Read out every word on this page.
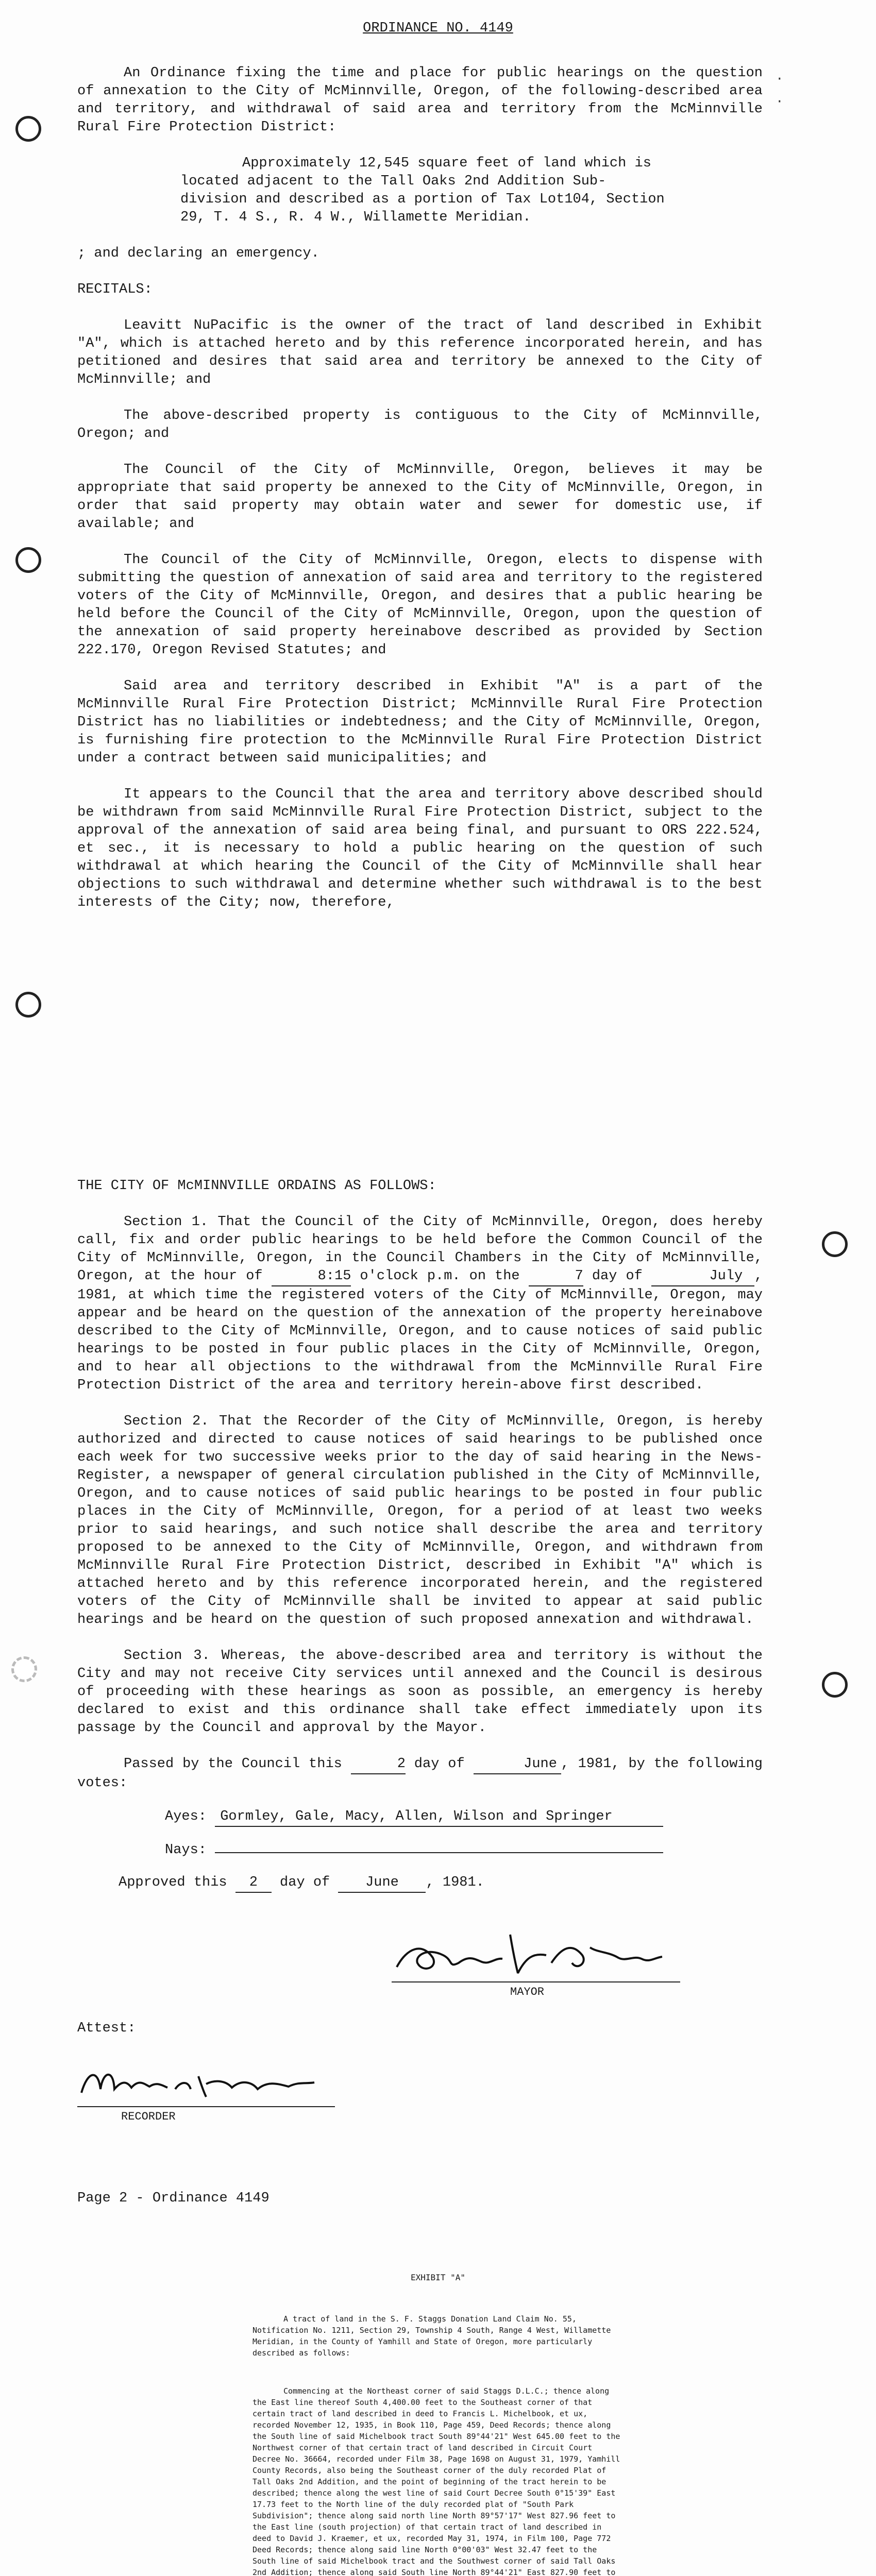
ORDINANCE NO. 4149
·
·

An Ordinance fixing the time and place for public hearings on the question of annexation to the City of McMinnville, Oregon, of the following-described area and territory, and withdrawal of said area and territory from the McMinnville Rural Fire Protection District:

Approximately 12,545 square feet of land which is located adjacent to the Tall Oaks 2nd Addition Sub-division and described as a portion of Tax Lot104, Section 29, T. 4 S., R. 4 W., Willamette Meridian.

; and declaring an emergency.

RECITALS:

Leavitt NuPacific is the owner of the tract of land described in Exhibit "A", which is attached hereto and by this reference incorporated herein, and has petitioned and desires that said area and territory be annexed to the City of McMinnville; and

The above-described property is contiguous to the City of McMinnville, Oregon; and

The Council of the City of McMinnville, Oregon, believes it may be appropriate that said property be annexed to the City of McMinnville, Oregon, in order that said property may obtain water and sewer for domestic use, if available; and

The Council of the City of McMinnville, Oregon, elects to dispense with submitting the question of annexation of said area and territory to the registered voters of the City of McMinnville, Oregon, and desires that a public hearing be held before the Council of the City of McMinnville, Oregon, upon the question of the annexation of said property hereinabove described as provided by Section 222.170, Oregon Revised Statutes; and

Said area and territory described in Exhibit "A" is a part of the McMinnville Rural Fire Protection District; McMinnville Rural Fire Protection District has no liabilities or indebtedness; and the City of McMinnville, Oregon, is furnishing fire protection to the McMinnville Rural Fire Protection District under a contract between said municipalities; and

It appears to the Council that the area and territory above described should be withdrawn from said McMinnville Rural Fire Protection District, subject to the approval of the annexation of said area being final, and pursuant to ORS 222.524, et sec., it is necessary to hold a public hearing on the question of such withdrawal at which hearing the Council of the City of McMinnville shall hear objections to such withdrawal and determine whether such withdrawal is to the best interests of the City; now, therefore,

THE CITY OF McMINNVILLE ORDAINS AS FOLLOWS:

Section 1. That the Council of the City of McMinnville, Oregon, does hereby call, fix and order public hearings to be held before the Common Council of the City of McMinnville, Oregon, in the Council Chambers in the City of McMinnville, Oregon, at the hour of	8:15 o'clock p.m. on the	7 day of	July , 1981, at which time the registered voters of the City of McMinnville, Oregon, may appear and be heard on the question of the annexation of the property hereinabove described to the City of McMinnville, Oregon, and to cause notices of said public hearings to be posted in four public places in the City of McMinnville, Oregon, and to hear all objections to the withdrawal from the McMinnville Rural Fire Protection District of the area and territory herein-above first described.

Section 2. That the Recorder of the City of McMinnville, Oregon, is hereby authorized and directed to cause notices of said hearings to be published once each week for two successive weeks prior to the day of said hearing in the News-Register, a newspaper of general circulation published in the City of McMinnville, Oregon, and to cause notices of said public hearings to be posted in four public places in the City of McMinnville, Oregon, for a period of at least two weeks prior to said hearings, and such notice shall describe the area and territory proposed to be annexed to the City of McMinnville, Oregon, and withdrawn from McMinnville Rural Fire Protection District, described in Exhibit "A" which is attached hereto and by this reference incorporated herein, and the registered voters of the City of McMinnville shall be invited to appear at said public hearings and be heard on the question of such proposed annexation and withdrawal.

Section 3. Whereas, the above-described area and territory is without the City and may not receive City services until annexed and the Council is desirous of proceeding with these hearings as soon as possible, an emergency is hereby declared to exist and this ordinance shall take effect immediately upon its passage by the Council and approval by the Mayor.

Passed by the Council this	2 day of	June , 1981, by the following votes:

Ayes: Gormley, Gale, Macy, Allen, Wilson and Springer

Nays:

Approved this 2 day of	June , 1981.

MAYOR
Attest:
RECORDER
Page 2 - Ordinance 4149
EXHIBIT "A"
A tract of land in the S. F. Staggs Donation Land Claim No. 55, Notification No. 1211, Section 29, Township 4 South, Range 4 West, Willamette Meridian, in the County of Yamhill and State of Oregon, more particularly described as follows:
Commencing at the Northeast corner of said Staggs D.L.C.; thence along the East line thereof South 4,400.00 feet to the Southeast corner of that certain tract of land described in deed to Francis L. Michelbook, et ux, recorded November 12, 1935, in Book 110, Page 459, Deed Records; thence along the South line of said Michelbook tract South 89°44'21" West 645.00 feet to the Northwest corner of that certain tract of land described in Circuit Court Decree No. 36664, recorded under Film 38, Page 1698 on August 31, 1979, Yamhill County Records, also being the Southeast corner of the duly recorded Plat of Tall Oaks 2nd Addition, and the point of beginning of the tract herein to be described; thence along the west line of said Court Decree South 0°15'39" East 17.73 feet to the North line of the duly recorded plat of "South Park Subdivision"; thence along said north line North 89°57'17" West 827.96 feet to the East line (south projection) of that certain tract of land described in deed to David J. Kraemer, et ux, recorded May 31, 1974, in Film 100, Page 772 Deed Records; thence along said line North 0°00'03" West 32.47 feet to the South line of said Michelbook tract and the Southwest corner of said Tall Oaks 2nd Addition; thence along said South line North 89°44'21" East 827.90 feet to
